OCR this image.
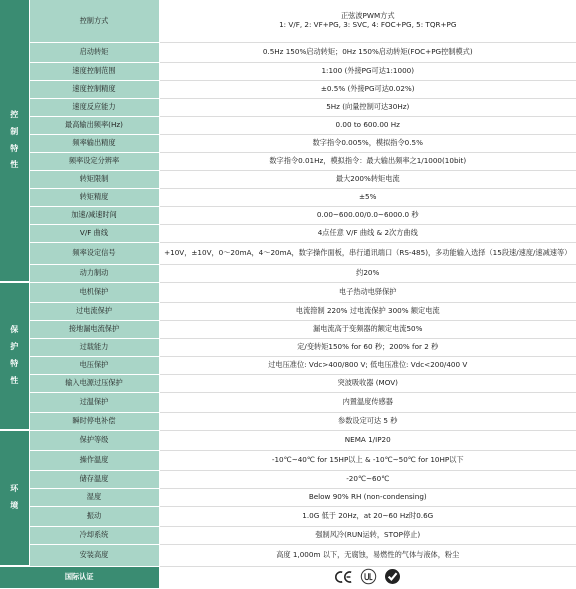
控 制 特 性	控制方式	正弦波PWM方式
1: V/F, 2: VF+PG, 3: SVC, 4: FOC+PG, 5: TQR+PG

	启动转矩	0.5Hz 150%启动转矩；0Hz 150%启动转矩(FOC+PG控制模式)
	速度控制范围	1:100 (外接PG可达1:1000)
	速度控制精度	±0.5% (外接PG可达0.02%)
	速度反应能力	5Hz (向量控制可达30Hz)
	最高输出频率(Hz)	0.00 to 600.00 Hz
	频率输出精度	数字指令0.005%，模拟指令0.5%
	频率设定分辨率	数字指令0.01Hz，模拟指令：最大输出频率之1/1000(10bit)
	转矩限制	最大200%转矩电流
	转矩精度	±5%
	加速/减速时间	0.00~600.00/0.0~6000.0 秒
	V/F 曲线	4点任意 V/F 曲线 & 2次方曲线
	频率设定信号	+10V，±10V，0～20mA，4～20mA，数字操作面板，串行通讯端口（RS-485)，多功能输入选择（15段速/速度/速减速等）
	动力制动	约20%
保 护 特 性	电机保护	电子热动电驿保护
	过电流保护	电流箝制 220% 过电流保护 300% 额定电流
	接地漏电流保护	漏电流高于变频器的额定电流50%
	过载能力	定/变转矩150% for 60 秒；200% for 2 秒
	电压保护	过电压准位: Vdc>400/800 V; 低电压准位: Vdc<200/400 V
	输入电源过压保护	突波吸收器 (MOV)
	过温保护	内置温度传感器
	瞬时停电补偿	参数设定可达 5 秒
环 境	保护等级	NEMA 1/IP20
	操作温度	-10℃~40℃ for 15HP以上 & -10℃~50℃ for 10HP以下
	储存温度	-20℃~60℃
	湿度	Below 90% RH (non-condensing)
	振动	1.0G 低于 20Hz，at 20~60 Hz时0.6G
	冷却系统	强制风冷(RUN运转，STOP停止)
	安装高度	高度 1,000m 以下，无腐蚀，易燃性的气体与液体，粉尘
国际认证	
